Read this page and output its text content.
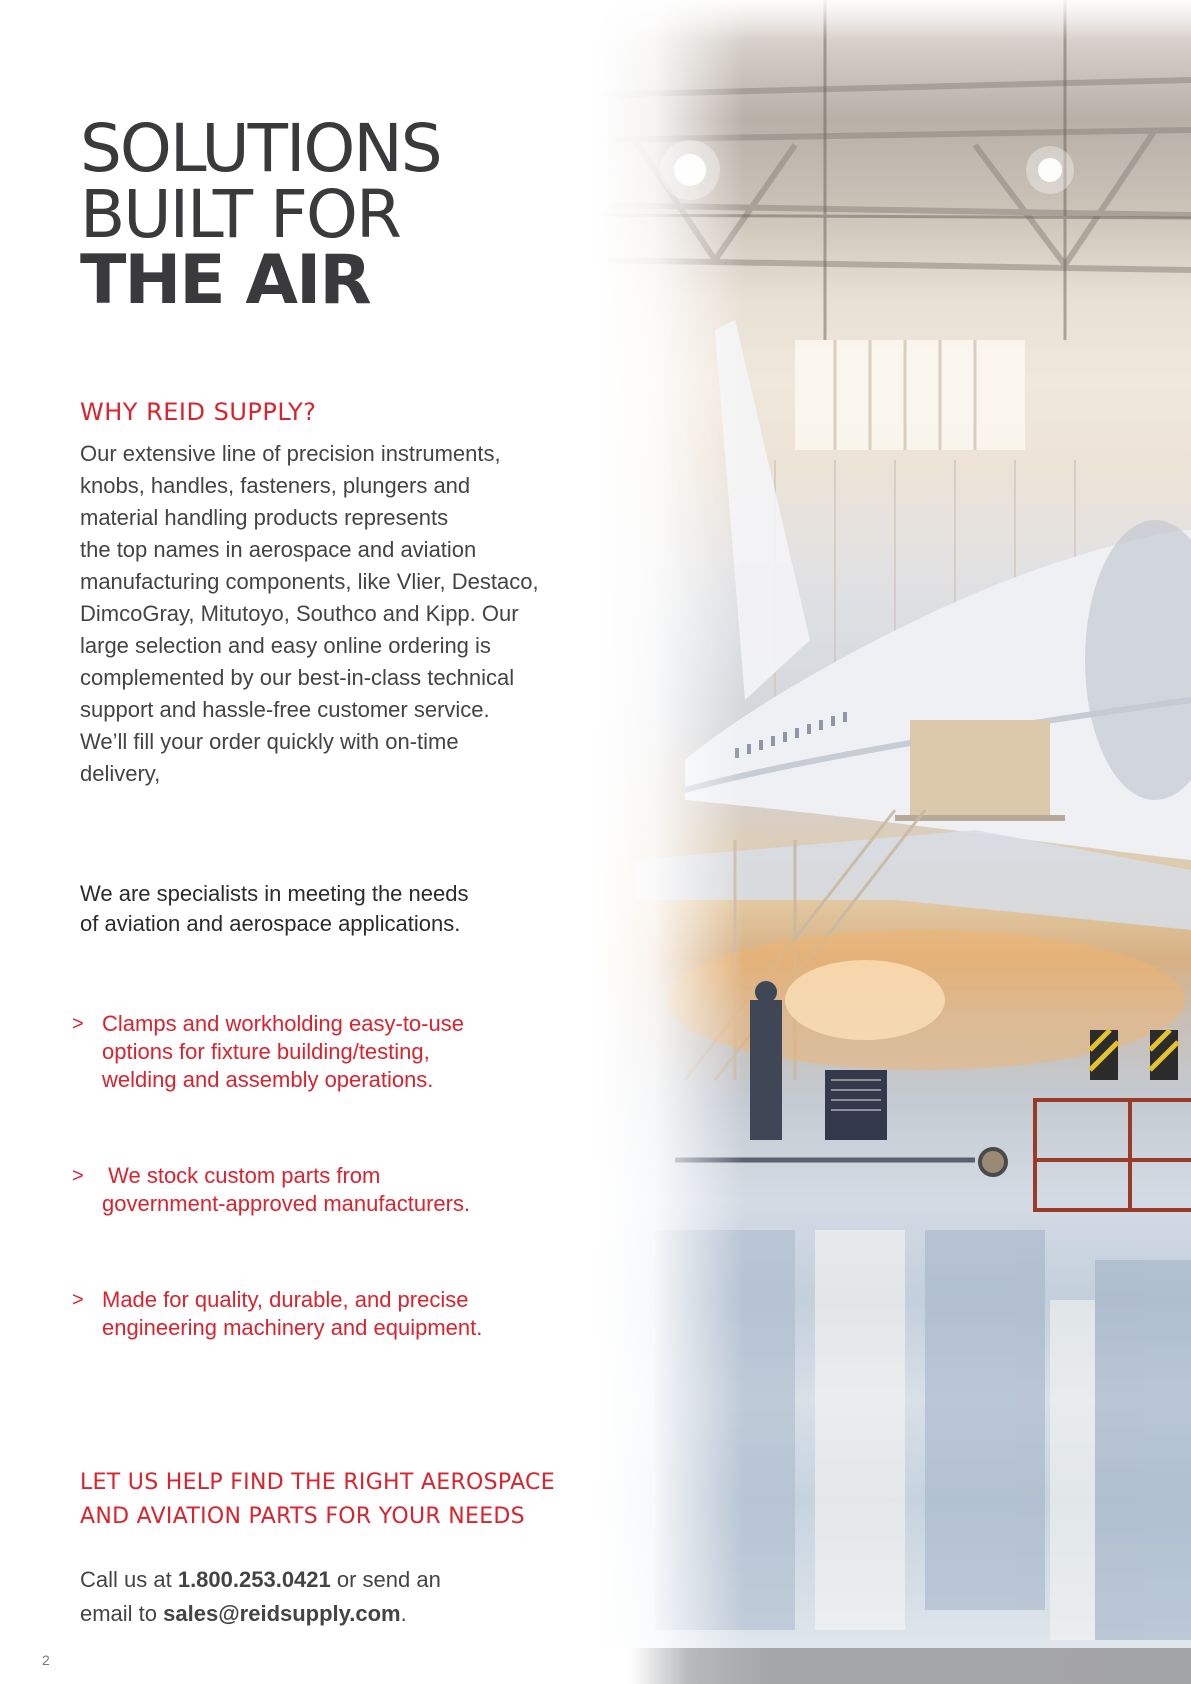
SOLUTIONS
BUILT FOR
THE AIR
WHY REID SUPPLY?

Our extensive line of precision instruments,
knobs, handles, fasteners, plungers and
material handling products represents
the top names in aerospace and aviation
manufacturing components, like Vlier, Destaco,
DimcoGray, Mitutoyo, Southco and Kipp. Our
large selection and easy online ordering is
complemented by our best-in-class technical
support and hassle-free customer service.
We’ll fill your order quickly with on-time
delivery,

We are specialists in meeting the needs
of aviation and aerospace applications.

> Clamps and workholding easy-to-use
options for fixture building/testing,
welding and assembly operations.
> We stock custom parts from
government-approved manufacturers.
> Made for quality, durable, and precise
engineering machinery and equipment.
LET US HELP FIND THE RIGHT AEROSPACE
AND AVIATION PARTS FOR YOUR NEEDS

Call us at 1.800.253.0421 or send an
email to sales@reidsupply.com.

2
